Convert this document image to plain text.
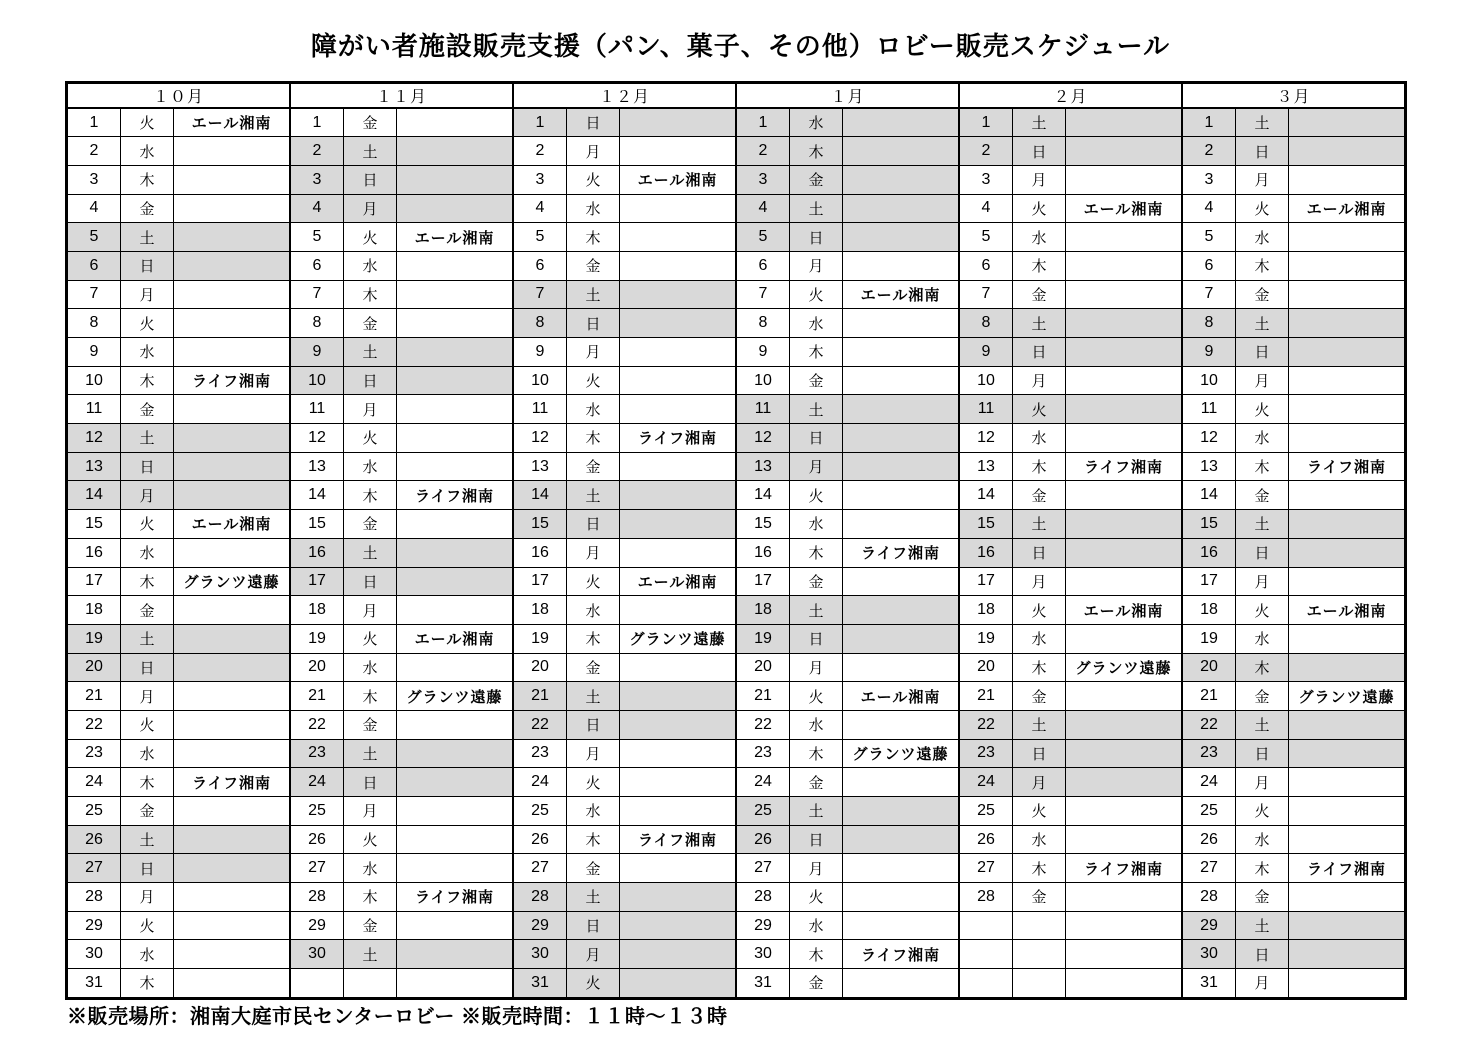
障がい者施設販売支援（パン、菓子、その他）ロビー販売スケジュール
１０月		
1	火	エール湘南
2	水	
3	木	
4	金	
5	土	
6	日	
7	月	
8	火	
9	水	
10	木	ライフ湘南
11	金	
12	土	
13	日	
14	月	
15	火	エール湘南
16	水	
17	木	グランツ遠藤
18	金	
19	土	
20	日	
21	月	
22	火	
23	水	
24	木	ライフ湘南
25	金	
26	土	
27	日	
28	月	
29	火	
30	水	
31	木	
１１月		
1	金	
2	土	
3	日	
4	月	
5	火	エール湘南
6	水	
7	木	
8	金	
9	土	
10	日	
11	月	
12	火	
13	水	
14	木	ライフ湘南
15	金	
16	土	
17	日	
18	月	
19	火	エール湘南
20	水	
21	木	グランツ遠藤
22	金	
23	土	
24	日	
25	月	
26	火	
27	水	
28	木	ライフ湘南
29	金	
30	土	

１２月		
1	日	
2	月	
3	火	エール湘南
4	水	
5	木	
6	金	
7	土	
8	日	
9	月	
10	火	
11	水	
12	木	ライフ湘南
13	金	
14	土	
15	日	
16	月	
17	火	エール湘南
18	水	
19	木	グランツ遠藤
20	金	
21	土	
22	日	
23	月	
24	火	
25	水	
26	木	ライフ湘南
27	金	
28	土	
29	日	
30	月	
31	火	
１月		
1	水	
2	木	
3	金	
4	土	
5	日	
6	月	
7	火	エール湘南
8	水	
9	木	
10	金	
11	土	
12	日	
13	月	
14	火	
15	水	
16	木	ライフ湘南
17	金	
18	土	
19	日	
20	月	
21	火	エール湘南
22	水	
23	木	グランツ遠藤
24	金	
25	土	
26	日	
27	月	
28	火	
29	水	
30	木	ライフ湘南
31	金	
２月		
1	土	
2	日	
3	月	
4	火	エール湘南
5	水	
6	木	
7	金	
8	土	
9	日	
10	月	
11	火	
12	水	
13	木	ライフ湘南
14	金	
15	土	
16	日	
17	月	
18	火	エール湘南
19	水	
20	木	グランツ遠藤
21	金	
22	土	
23	日	
24	月	
25	火	
26	水	
27	木	ライフ湘南
28	金	

３月		
1	土	
2	日	
3	月	
4	火	エール湘南
5	水	
6	木	
7	金	
8	土	
9	日	
10	月	
11	火	
12	水	
13	木	ライフ湘南
14	金	
15	土	
16	日	
17	月	
18	火	エール湘南
19	水	
20	木	
21	金	グランツ遠藤
22	土	
23	日	
24	月	
25	火	
26	水	
27	木	ライフ湘南
28	金	
29	土	
30	日	
31	月	
※販売場所：湘南大庭市民センターロビー ※販売時間：１１時～１３時
